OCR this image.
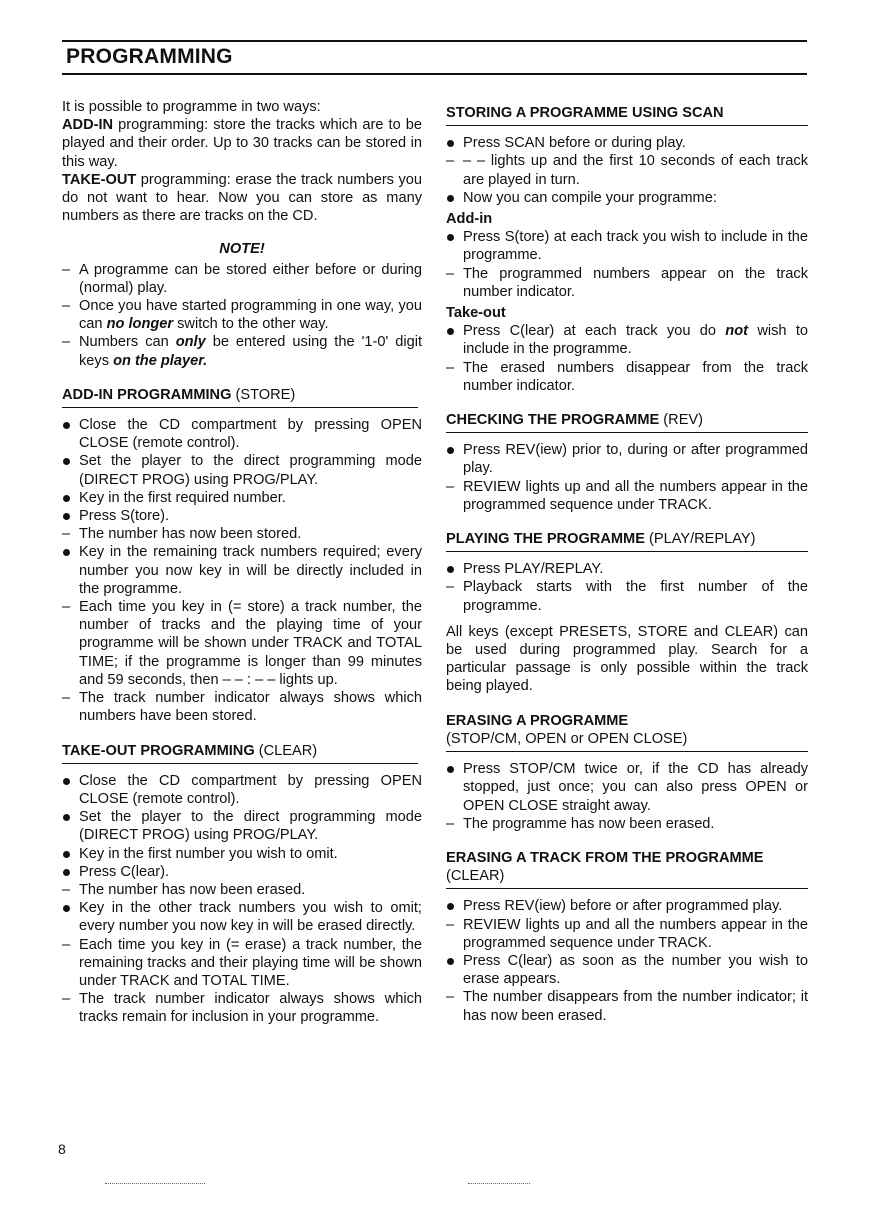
PROGRAMMING

It is possible to programme in two ways:

ADD-IN programming: store the tracks which are to be played and their order. Up to 30 tracks can be stored in this way.

TAKE-OUT programming: erase the track numbers you do not want to hear. Now you can store as many numbers as there are tracks on the CD.

NOTE!
A programme can be stored either before or during (normal) play.
Once you have started programming in one way, you can no longer switch to the other way.
Numbers can only be entered using the '1-0' digit keys on the player.
ADD-IN PROGRAMMING (STORE)
Close the CD compartment by pressing OPEN CLOSE (remote control).
Set the player to the direct programming mode (DIRECT PROG) using PROG/PLAY.
Key in the first required number.
Press S(tore).
The number has now been stored.
Key in the remaining track numbers required; every number you now key in will be directly included in the programme.
Each time you key in (= store) a track number, the number of tracks and the playing time of your programme will be shown under TRACK and TOTAL TIME; if the programme is longer than 99 minutes and 59 seconds, then – – : – – lights up.
The track number indicator always shows which numbers have been stored.
TAKE-OUT PROGRAMMING (CLEAR)
Close the CD compartment by pressing OPEN CLOSE (remote control).
Set the player to the direct programming mode (DIRECT PROG) using PROG/PLAY.
Key in the first number you wish to omit.
Press C(lear).
The number has now been erased.
Key in the other track numbers you wish to omit; every number you now key in will be erased directly.
Each time you key in (= erase) a track number, the remaining tracks and their playing time will be shown under TRACK and TOTAL TIME.
The track number indicator always shows which tracks remain for inclusion in your programme.
STORING A PROGRAMME USING SCAN
Press SCAN before or during play.
– – lights up and the first 10 seconds of each track are played in turn.
Now you can compile your programme:
Add-in
Press S(tore) at each track you wish to include in the programme.
The programmed numbers appear on the track number indicator.
Take-out
Press C(lear) at each track you do not wish to include in the programme.
The erased numbers disappear from the track number indicator.
CHECKING THE PROGRAMME (REV)
Press REV(iew) prior to, during or after programmed play.
REVIEW lights up and all the numbers appear in the programmed sequence under TRACK.
PLAYING THE PROGRAMME (PLAY/REPLAY)
Press PLAY/REPLAY.
Playback starts with the first number of the programme.

All keys (except PRESETS, STORE and CLEAR) can be used during programmed play. Search for a particular passage is only possible within the track being played.

ERASING A PROGRAMME
(STOP/CM, OPEN or OPEN CLOSE)
Press STOP/CM twice or, if the CD has already stopped, just once; you can also press OPEN or OPEN CLOSE straight away.
The programme has now been erased.
ERASING A TRACK FROM THE PROGRAMME
(CLEAR)
Press REV(iew) before or after programmed play.
REVIEW lights up and all the numbers appear in the programmed sequence under TRACK.
Press C(lear) as soon as the number you wish to erase appears.
The number disappears from the number indicator; it has now been erased.
8
